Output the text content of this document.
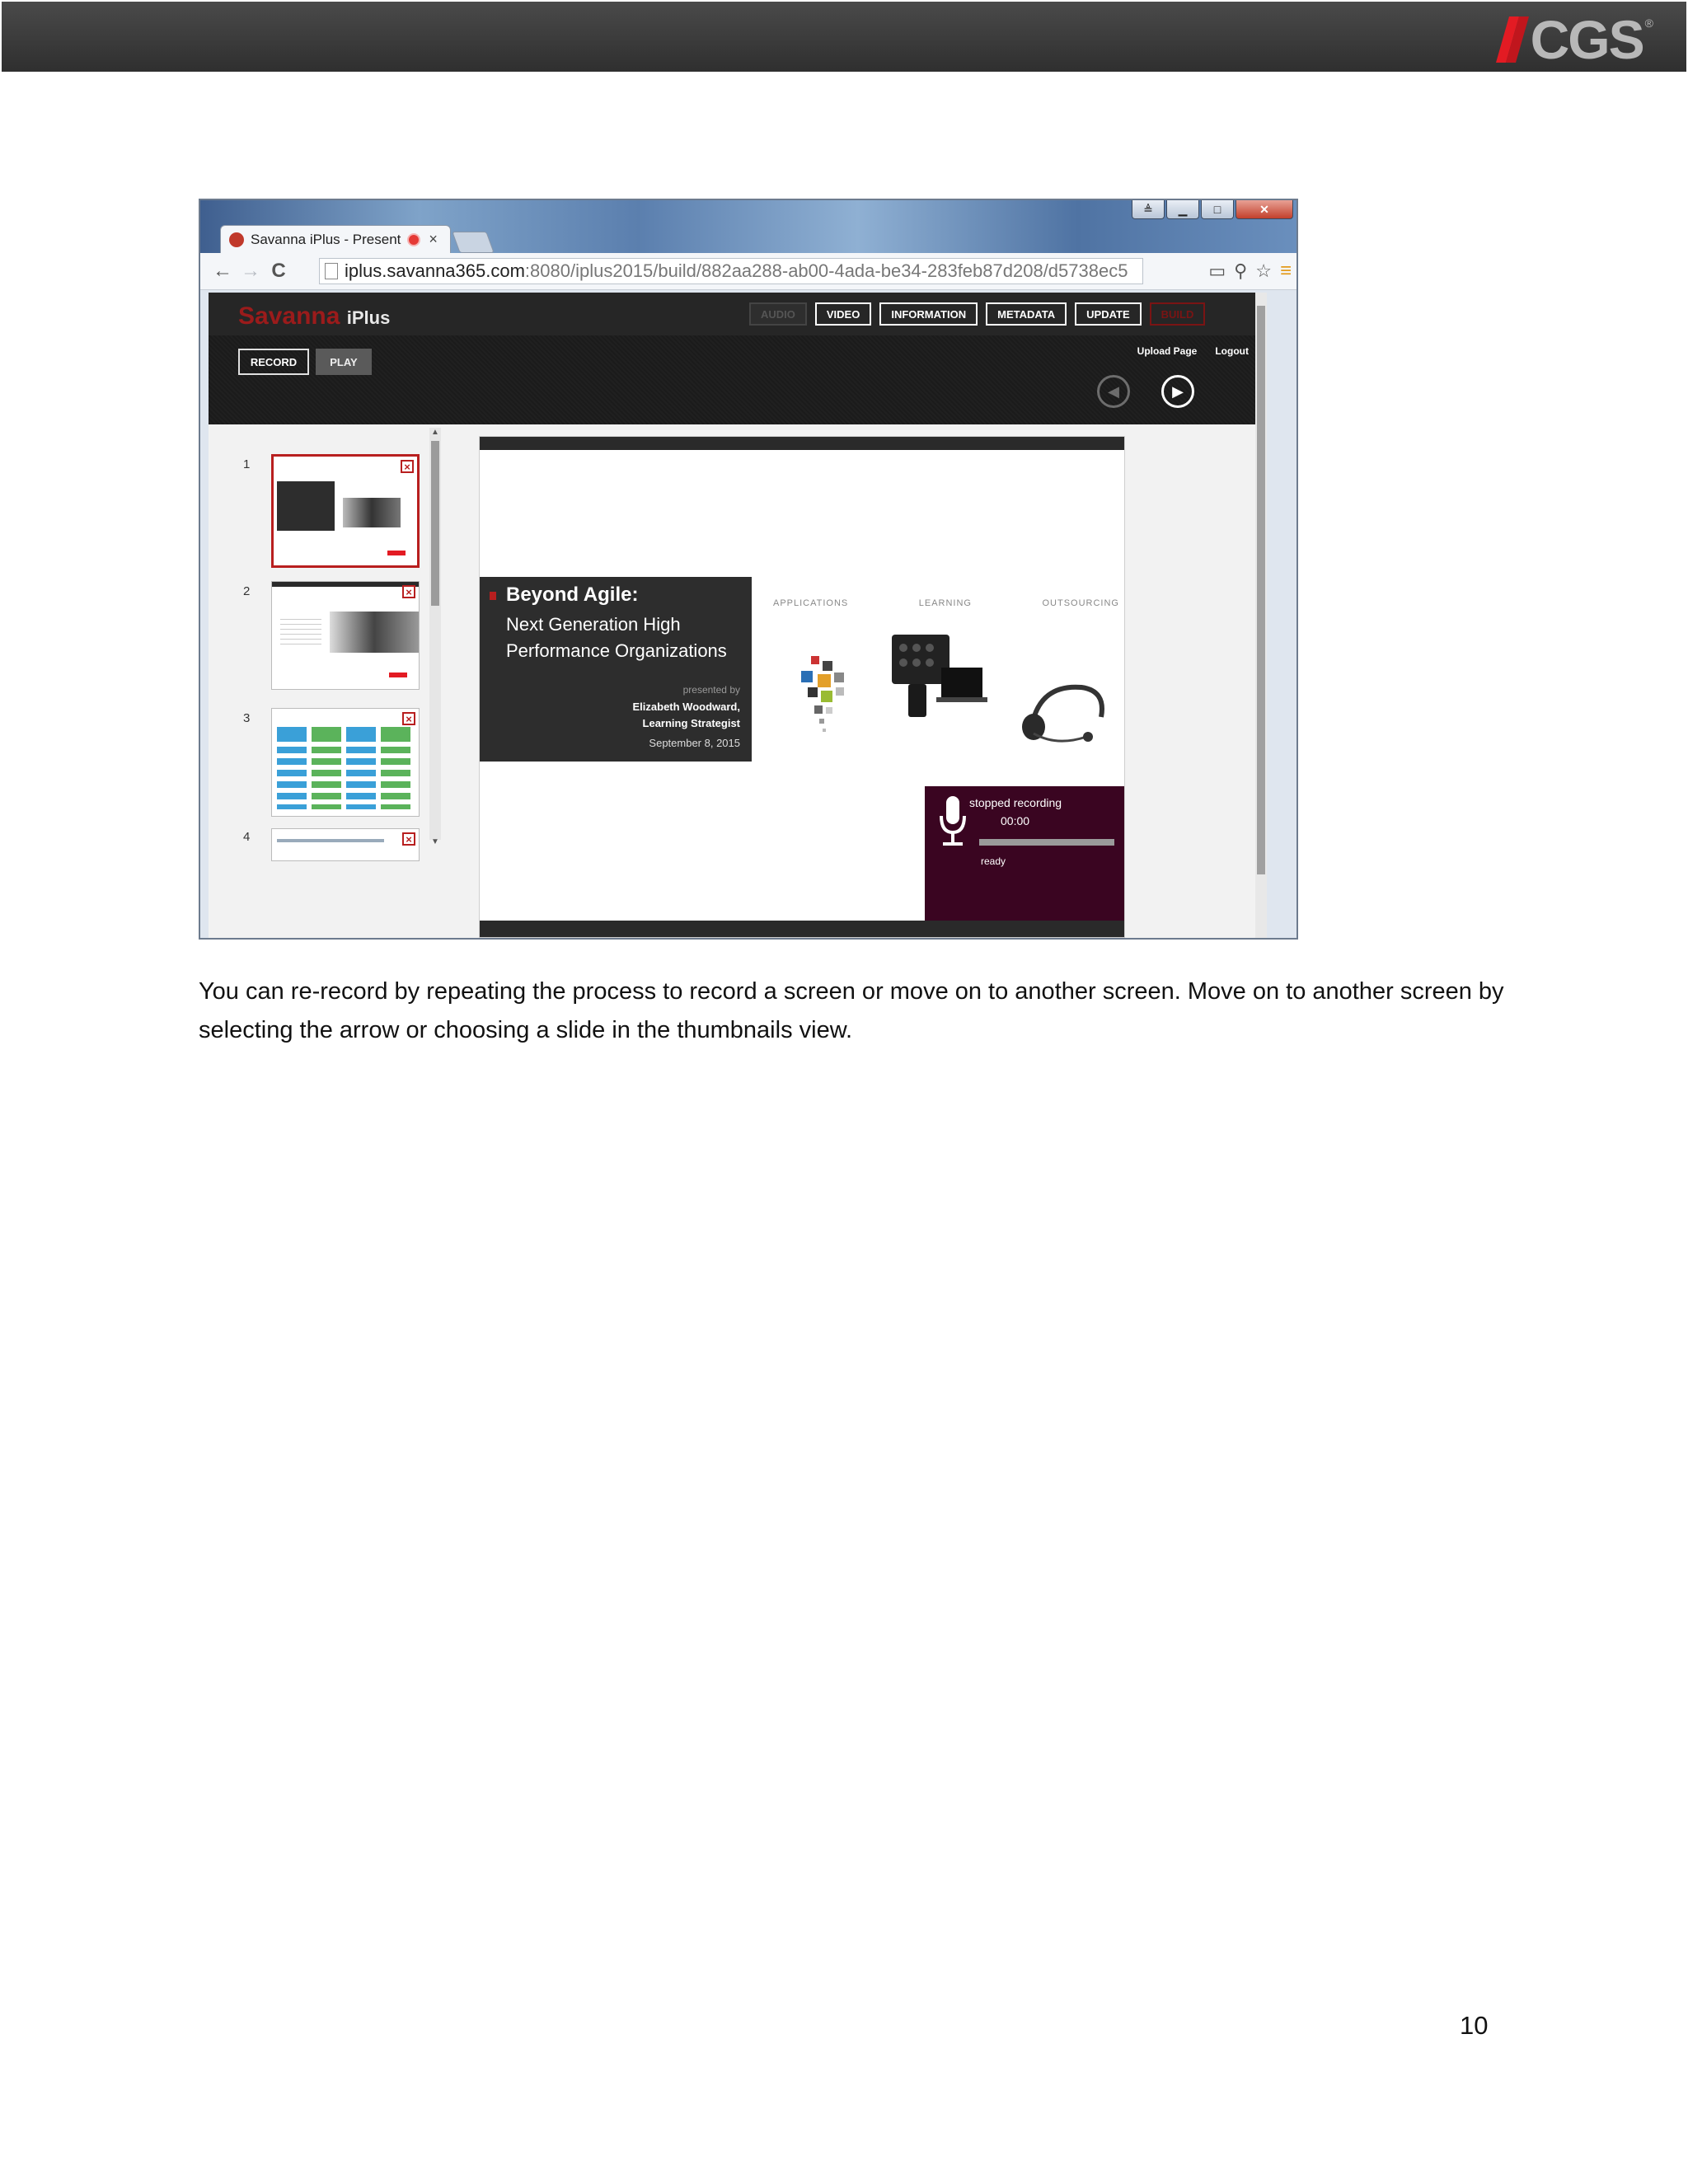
CGS ®
≜	▁	□	✕
Savanna iPlus - Present ×
← → C	iplus.savanna365.com :8080/iplus2015/build/882aa288-ab00-4ada-be34-283feb87d208/d5738ec5	▭ ⚲ ☆ ≡
Savanna iPlus	AUDIO	VIDEO	INFORMATION	METADATA	UPDATE	BUILD
RECORD	PLAY
Upload Page Logout
◀	▶
1	×
2	×
3	×
4	×
▲
▼
Beyond Agile:
Next Generation High Performance Organizations
presented by
Elizabeth Woodward,
Learning Strategist
September 8, 2015
APPLICATIONS	LEARNING	OUTSOURCING
stopped recording
00:00
ready
You can re-record by repeating the process to record a screen or move on to another screen. Move on to another screen by selecting the arrow or choosing a slide in the thumbnails view.
10
